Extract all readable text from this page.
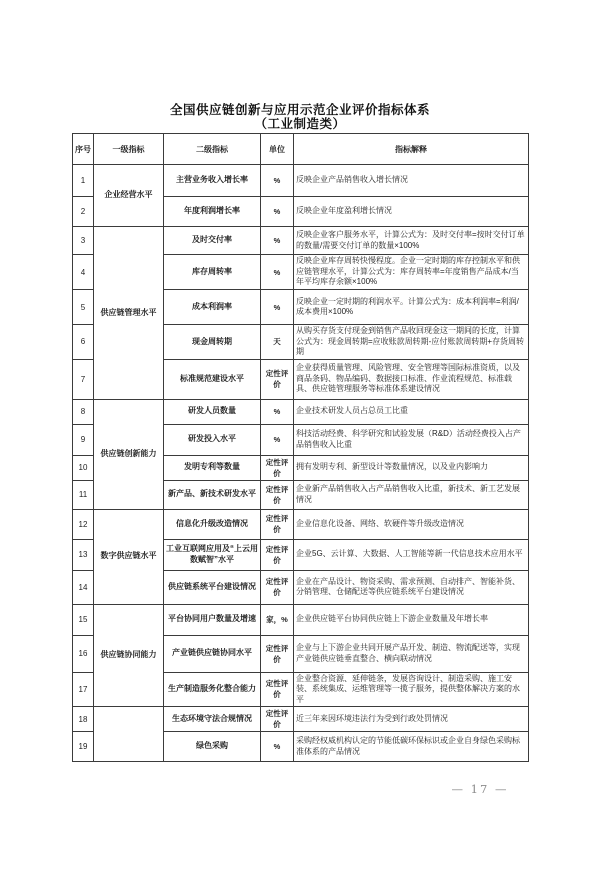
全国供应链创新与应用示范企业评价指标体系
（工业制造类）
序号	一级指标	二级指标	单位	指标解释
1	企业经营水平	主营业务收入增长率	%	反映企业产品销售收入增长情况
2		年度利润增长率	%	反映企业年度盈利增长情况
3	供应链管理水平	及时交付率	%	反映企业客户服务水平，计算公式为：及时交付率=按时交付订单的数量/需要交付订单的数量×100%
4		库存周转率	%	反映企业库存周转快慢程度。企业一定时期的库存控制水平和供应链管理水平，计算公式为：库存周转率=年度销售产品成本/当年平均库存余额×100%
5		成本利润率	%	反映企业一定时期的利润水平。计算公式为：成本利润率=利润/成本费用×100%
6		现金周转期	天	从购买存货支付现金到销售产品收回现金这一期间的长度，计算公式为：现金周转期=应收账款周转期-应付账款周转期+存货周转期
7		标准规范建设水平	定性评价	企业获得质量管理、风险管理、安全管理等国际标准资质，以及商品条码、物品编码、数据接口标准、作业流程规范、标准载具、供应链管理服务等标准体系建设情况
8	供应链创新能力	研发人员数量	%	企业技术研发人员占总员工比重
9		研发投入水平	%	科技活动经费、科学研究和试验发展（R&D）活动经费投入占产品销售收入比重
10		发明专利等数量	定性评价	拥有发明专利、新型设计等数量情况，以及业内影响力
11		新产品、新技术研发水平	定性评价	企业新产品销售收入占产品销售收入比重，新技术、新工艺发展情况
12	数字供应链水平	信息化升级改造情况	定性评价	企业信息化设备、网络、软硬件等升级改造情况
13		工业互联网应用及“上云用数赋智”水平	定性评价	企业5G、云计算、大数据、人工智能等新一代信息技术应用水平
14		供应链系统平台建设情况	定性评价	企业在产品设计、物资采购、需求预测、自动排产、智能补货、分销管理、仓储配送等供应链系统平台建设情况
15	供应链协同能力	平台协同用户数量及增速	家，%	企业供应链平台协同供应链上下游企业数量及年增长率
16		产业链供应链协同水平	定性评价	企业与上下游企业共同开展产品开发、制造、物流配送等，实现产业链供应链垂直整合、横向联动情况
17		生产制造服务化整合能力	定性评价	企业整合资源、延伸链条，发展咨询设计、制造采购、施工安装、系统集成、运维管理等一揽子服务，提供整体解决方案的水平
18		生态环境守法合规情况	定性评价	近三年来因环境违法行为受到行政处罚情况
19		绿色采购	%	采购经权威机构认定的节能低碳环保标识或企业自身绿色采购标准体系的产品情况
— 17 —
